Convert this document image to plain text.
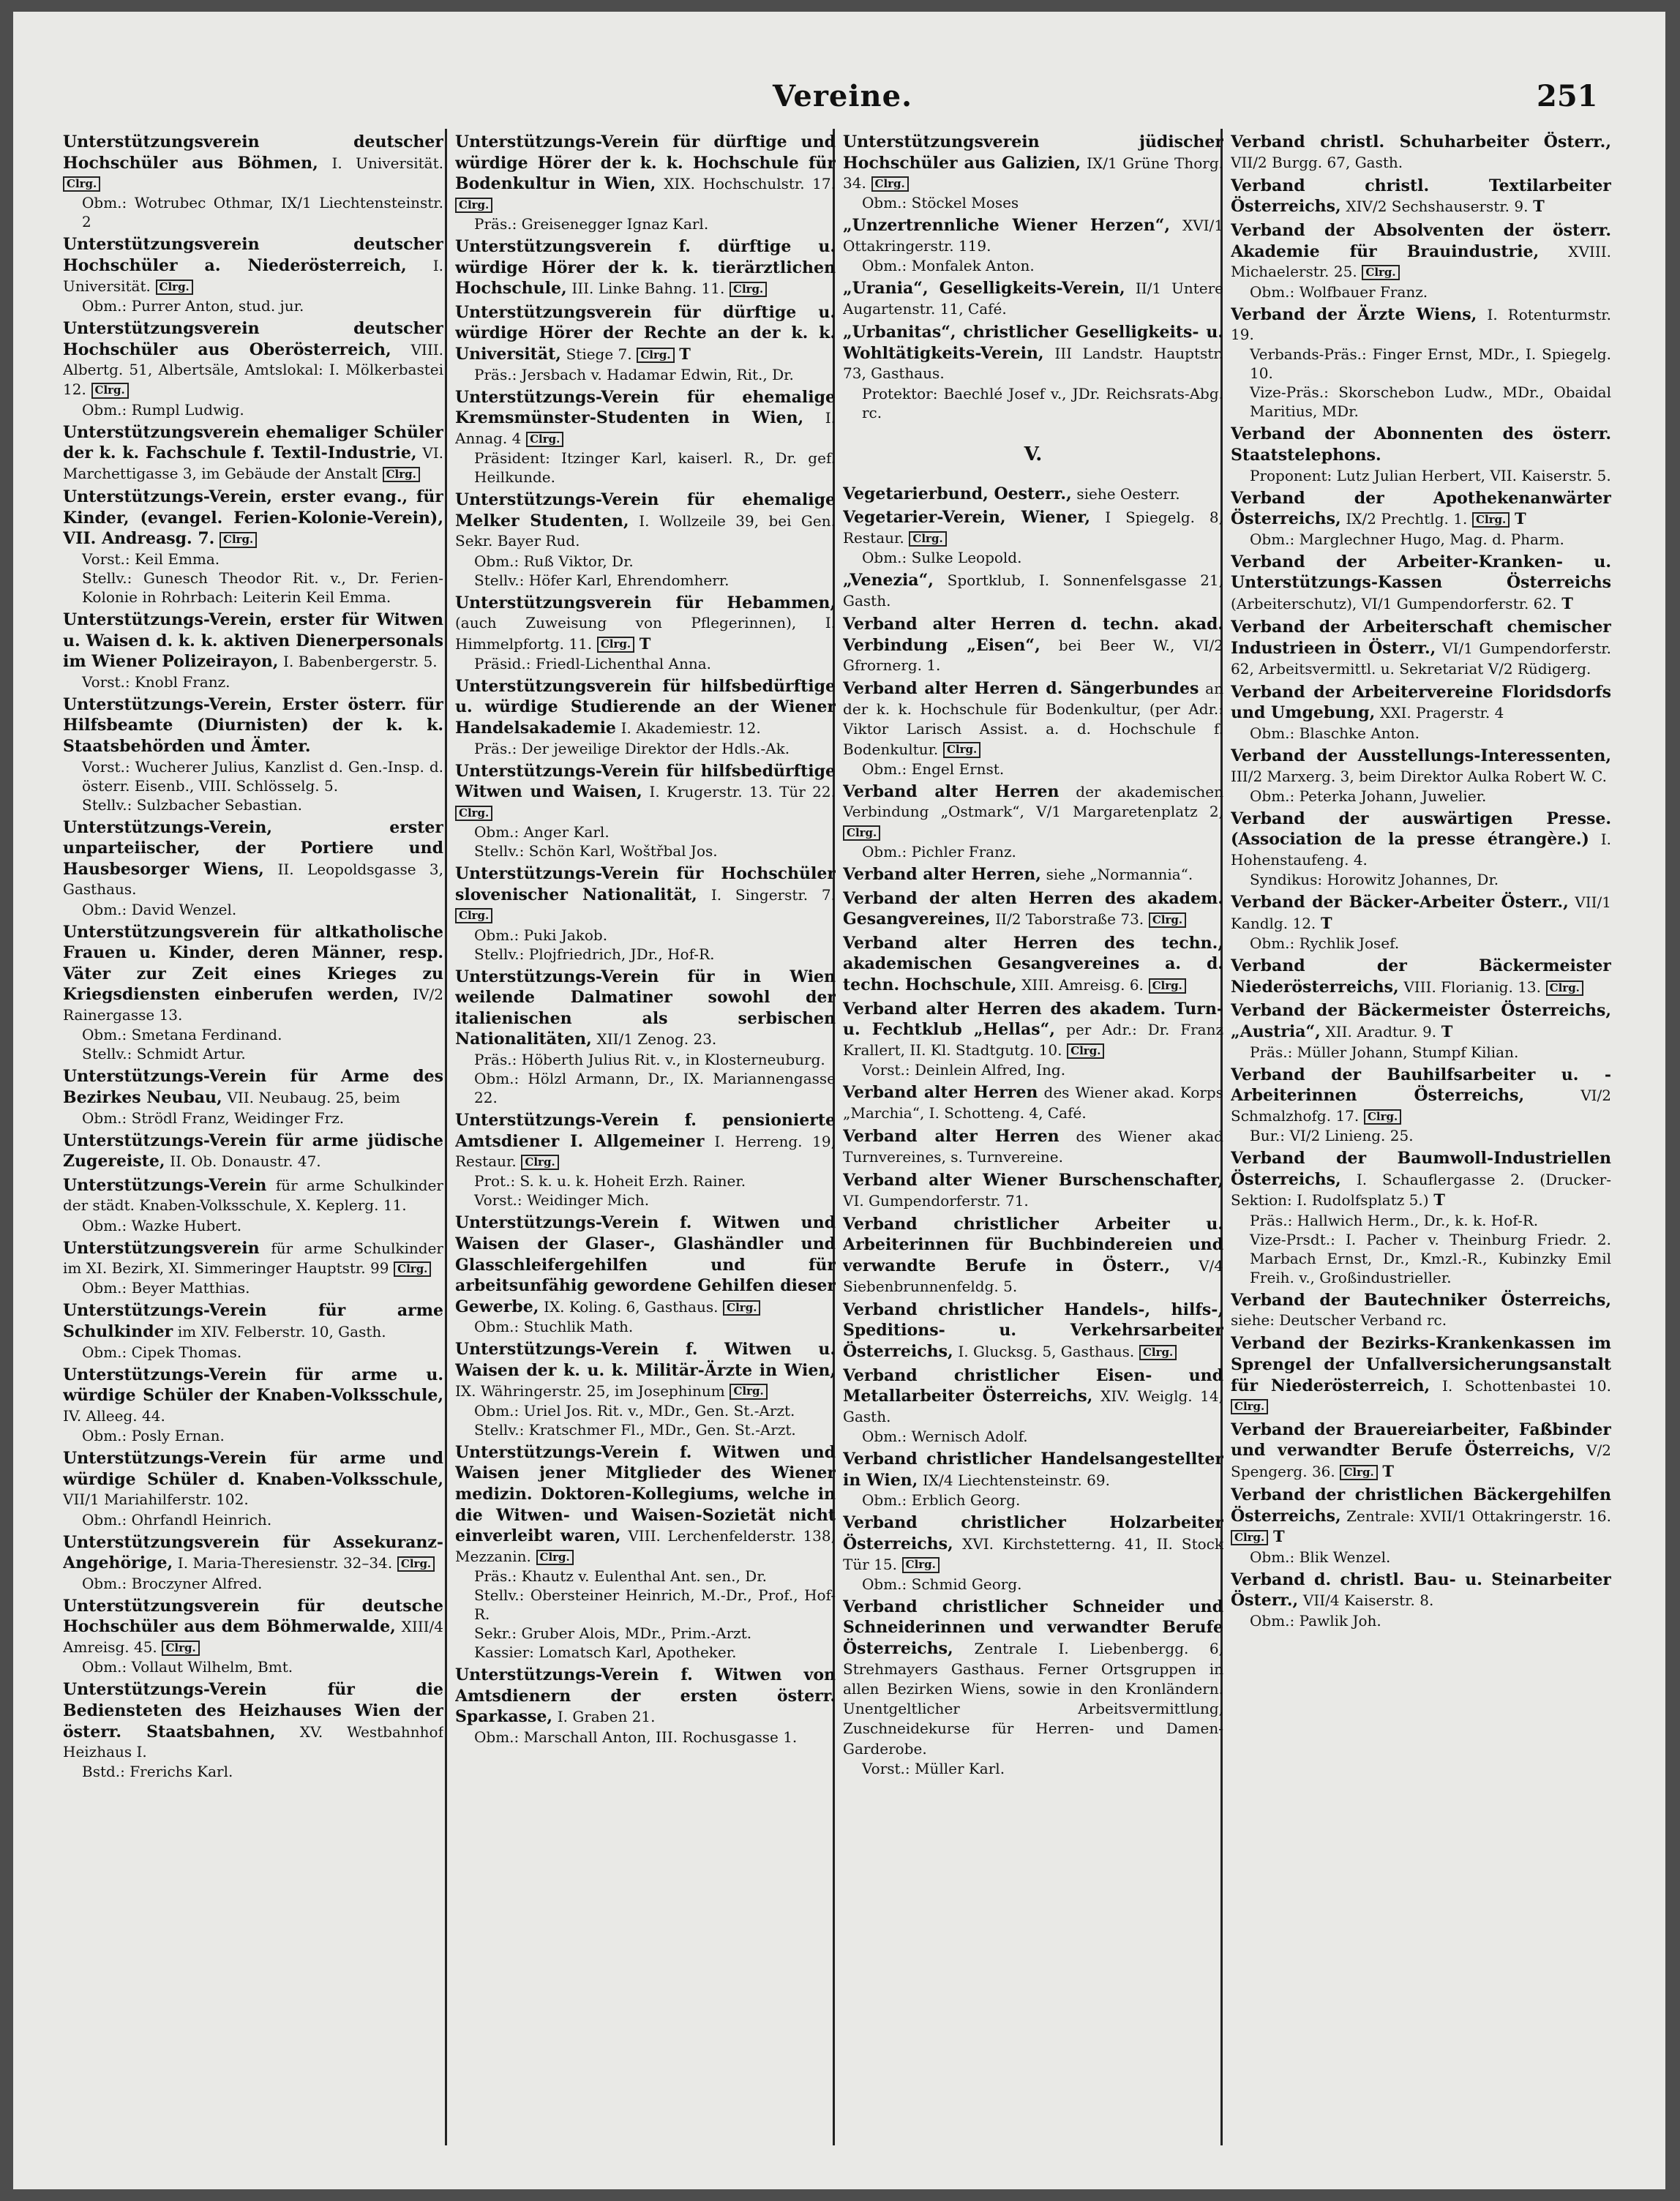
Vereine.	251
Unterstützungsverein deutscher Hochschüler aus Böhmen, I. Universität. Clrg.
Obm.: Wotrubec Othmar, IX/1 Liechtensteinstr. 2
Unterstützungsverein deutscher Hochschüler a. Niederösterreich, I. Universität. Clrg.
Obm.: Purrer Anton, stud. jur.
Unterstützungsverein deutscher Hochschüler aus Oberösterreich, VIII. Albertg. 51, Albertsäle, Amtslokal: I. Mölkerbastei 12. Clrg.
Obm.: Rumpl Ludwig.
Unterstützungsverein ehemaliger Schüler der k. k. Fachschule f. Textil-Industrie, VI. Marchettigasse 3, im Gebäude der Anstalt Clrg.
Unterstützungs-Verein, erster evang., für Kinder, (evangel. Ferien-Kolonie-Verein), VII. Andreasg. 7. Clrg.
Vorst.: Keil Emma.
Stellv.: Gunesch Theodor Rit. v., Dr. Ferien-Kolonie in Rohrbach: Leiterin Keil Emma.
Unterstützungs-Verein, erster für Witwen u. Waisen d. k. k. aktiven Dienerpersonals im Wiener Polizeirayon, I. Babenbergerstr. 5.
Vorst.: Knobl Franz.
Unterstützungs-Verein, Erster österr. für Hilfsbeamte (Diurnisten) der k. k. Staatsbehörden und Ämter.
Vorst.: Wucherer Julius, Kanzlist d. Gen.-Insp. d. österr. Eisenb., VIII. Schlösselg. 5.
Stellv.: Sulzbacher Sebastian.
Unterstützungs-Verein, erster unparteiischer, der Portiere und Hausbesorger Wiens, II. Leopoldsgasse 3, Gasthaus.
Obm.: David Wenzel.
Unterstützungsverein für altkatholische Frauen u. Kinder, deren Männer, resp. Väter zur Zeit eines Krieges zu Kriegsdiensten einberufen werden, IV/2 Rainergasse 13.
Obm.: Smetana Ferdinand.
Stellv.: Schmidt Artur.
Unterstützungs-Verein für Arme des Bezirkes Neubau, VII. Neubaug. 25, beim
Obm.: Strödl Franz, Weidinger Frz.
Unterstützungs-Verein für arme jüdische Zugereiste, II. Ob. Donaustr. 47.
Unterstützungs-Verein für arme Schulkinder der städt. Knaben-Volksschule, X. Keplerg. 11.
Obm.: Wazke Hubert.
Unterstützungsverein für arme Schulkinder im XI. Bezirk, XI. Simmeringer Hauptstr. 99 Clrg.
Obm.: Beyer Matthias.
Unterstützungs-Verein für arme Schulkinder im XIV. Felberstr. 10, Gasth.
Obm.: Cipek Thomas.
Unterstützungs-Verein für arme u. würdige Schüler der Knaben-Volksschule, IV. Alleeg. 44.
Obm.: Posly Ernan.
Unterstützungs-Verein für arme und würdige Schüler d. Knaben-Volksschule, VII/1 Mariahilferstr. 102.
Obm.: Ohrfandl Heinrich.
Unterstützungsverein für Assekuranz-Angehörige, I. Maria-Theresienstr. 32–34. Clrg.
Obm.: Broczyner Alfred.
Unterstützungsverein für deutsche Hochschüler aus dem Böhmerwalde, XIII/4 Amreisg. 45. Clrg.
Obm.: Vollaut Wilhelm, Bmt.
Unterstützungs-Verein für die Bediensteten des Heizhauses Wien der österr. Staatsbahnen, XV. Westbahnhof Heizhaus I.
Bstd.: Frerichs Karl.
Unterstützungs-Verein für dürftige und würdige Hörer der k. k. Hochschule für Bodenkultur in Wien, XIX. Hochschulstr. 17. Clrg.
Präs.: Greisenegger Ignaz Karl.
Unterstützungsverein f. dürftige u. würdige Hörer der k. k. tierärztlichen Hochschule, III. Linke Bahng. 11. Clrg.
Unterstützungsverein für dürftige u. würdige Hörer der Rechte an der k. k. Universität, Stiege 7. Clrg. T
Präs.: Jersbach v. Hadamar Edwin, Rit., Dr.
Unterstützungs-Verein für ehemalige Kremsmünster-Studenten in Wien, I. Annag. 4 Clrg.
Präsident: Itzinger Karl, kaiserl. R., Dr. gef. Heilkunde.
Unterstützungs-Verein für ehemalige Melker Studenten, I. Wollzeile 39, bei Gen. Sekr. Bayer Rud.
Obm.: Ruß Viktor, Dr.
Stellv.: Höfer Karl, Ehrendomherr.
Unterstützungsverein für Hebammen, (auch Zuweisung von Pflegerinnen), I. Himmelpfortg. 11. Clrg. T
Präsid.: Friedl-Lichenthal Anna.
Unterstützungsverein für hilfsbedürftige u. würdige Studierende an der Wiener Handelsakademie I. Akademiestr. 12.
Präs.: Der jeweilige Direktor der Hdls.-Ak.
Unterstützungs-Verein für hilfsbedürftige Witwen und Waisen, I. Krugerstr. 13. Tür 22. Clrg.
Obm.: Anger Karl.
Stellv.: Schön Karl, Woštřbal Jos.
Unterstützungs-Verein für Hochschüler slovenischer Nationalität, I. Singerstr. 7. Clrg.
Obm.: Puki Jakob.
Stellv.: Plojfriedrich, JDr., Hof-R.
Unterstützungs-Verein für in Wien weilende Dalmatiner sowohl der italienischen als serbischen Nationalitäten, XII/1 Zenog. 23.
Präs.: Höberth Julius Rit. v., in Klosterneuburg.
Obm.: Hölzl Armann, Dr., IX. Mariannengasse 22.
Unterstützungs-Verein f. pensionierte Amtsdiener I. Allgemeiner I. Herreng. 19, Restaur. Clrg.
Prot.: S. k. u. k. Hoheit Erzh. Rainer.
Vorst.: Weidinger Mich.
Unterstützungs-Verein f. Witwen und Waisen der Glaser-, Glashändler und Glasschleifergehilfen und für arbeitsunfähig gewordene Gehilfen dieser Gewerbe, IX. Koling. 6, Gasthaus. Clrg.
Obm.: Stuchlik Math.
Unterstützungs-Verein f. Witwen u. Waisen der k. u. k. Militär-Ärzte in Wien, IX. Währingerstr. 25, im Josephinum Clrg.
Obm.: Uriel Jos. Rit. v., MDr., Gen. St.-Arzt.
Stellv.: Kratschmer Fl., MDr., Gen. St.-Arzt.
Unterstützungs-Verein f. Witwen und Waisen jener Mitglieder des Wiener medizin. Doktoren-Kollegiums, welche in die Witwen- und Waisen-Sozietät nicht einverleibt waren, VIII. Lerchenfelderstr. 138, Mezzanin. Clrg.
Präs.: Khautz v. Eulenthal Ant. sen., Dr.
Stellv.: Obersteiner Heinrich, M.-Dr., Prof., Hof-R.
Sekr.: Gruber Alois, MDr., Prim.-Arzt.
Kassier: Lomatsch Karl, Apotheker.
Unterstützungs-Verein f. Witwen von Amtsdienern der ersten österr. Sparkasse, I. Graben 21.
Obm.: Marschall Anton, III. Rochusgasse 1.
Unterstützungsverein jüdischer Hochschüler aus Galizien, IX/1 Grüne Thorg. 34. Clrg.
Obm.: Stöckel Moses
„Unzertrennliche Wiener Herzen“, XVI/1 Ottakringerstr. 119.
Obm.: Monfalek Anton.
„Urania“, Geselligkeits-Verein, II/1 Untere Augartenstr. 11, Café.
„Urbanitas“, christlicher Geselligkeits- u. Wohltätigkeits-Verein, III Landstr. Hauptstr. 73, Gasthaus.
Protektor: Baechlé Josef v., JDr. Reichsrats-Abg. rc.
V.
Vegetarierbund, Oesterr., siehe Oesterr.
Vegetarier-Verein, Wiener, I Spiegelg. 8, Restaur. Clrg.
Obm.: Sulke Leopold.
„Venezia“, Sportklub, I. Sonnenfelsgasse 21, Gasth.
Verband alter Herren d. techn. akad. Verbindung „Eisen“, bei Beer W., VI/2 Gfrornerg. 1.
Verband alter Herren d. Sängerbundes an der k. k. Hochschule für Bodenkultur, (per Adr.: Viktor Larisch Assist. a. d. Hochschule f. Bodenkultur. Clrg.
Obm.: Engel Ernst.
Verband alter Herren der akademischen Verbindung „Ostmark“, V/1 Margaretenplatz 2, Clrg.
Obm.: Pichler Franz.
Verband alter Herren, siehe „Normannia“.
Verband der alten Herren des akadem. Gesangvereines, II/2 Taborstraße 73. Clrg.
Verband alter Herren des techn., akademischen Gesangvereines a. d. techn. Hochschule, XIII. Amreisg. 6. Clrg.
Verband alter Herren des akadem. Turn- u. Fechtklub „Hellas“, per Adr.: Dr. Franz Krallert, II. Kl. Stadtgutg. 10. Clrg.
Vorst.: Deinlein Alfred, Ing.
Verband alter Herren des Wiener akad. Korps „Marchia“, I. Schotteng. 4, Café.
Verband alter Herren des Wiener akad Turnvereines, s. Turnvereine.
Verband alter Wiener Burschenschafter, VI. Gumpendorferstr. 71.
Verband christlicher Arbeiter u. Arbeiterinnen für Buchbindereien und verwandte Berufe in Österr., V/4 Siebenbrunnenfeldg. 5.
Verband christlicher Handels-, hilfs-, Speditions- u. Verkehrsarbeiter Österreichs, I. Glucksg. 5, Gasthaus. Clrg.
Verband christlicher Eisen- und Metallarbeiter Österreichs, XIV. Weiglg. 14, Gasth.
Obm.: Wernisch Adolf.
Verband christlicher Handelsangestellter in Wien, IX/4 Liechtensteinstr. 69.
Obm.: Erblich Georg.
Verband christlicher Holzarbeiter Österreichs, XVI. Kirchstetterng. 41, II. Stock Tür 15. Clrg.
Obm.: Schmid Georg.
Verband christlicher Schneider und Schneiderinnen und verwandter Berufe Österreichs, Zentrale I. Liebenbergg. 6, Strehmayers Gasthaus. Ferner Ortsgruppen in allen Bezirken Wiens, sowie in den Kronländern. Unentgeltlicher Arbeitsvermittlung, Zuschneidekurse für Herren- und Damen-Garderobe.
Vorst.: Müller Karl.
Verband christl. Schuharbeiter Österr., VII/2 Burgg. 67, Gasth.
Verband christl. Textilarbeiter Österreichs, XIV/2 Sechshauserstr. 9. T
Verband der Absolventen der österr. Akademie für Brauindustrie, XVIII. Michaelerstr. 25. Clrg.
Obm.: Wolfbauer Franz.
Verband der Ärzte Wiens, I. Rotenturmstr. 19.
Verbands-Präs.: Finger Ernst, MDr., I. Spiegelg. 10.
Vize-Präs.: Skorschebon Ludw., MDr., Obaidal Maritius, MDr.
Verband der Abonnenten des österr. Staatstelephons.
Proponent: Lutz Julian Herbert, VII. Kaiserstr. 5.
Verband der Apothekenanwärter Österreichs, IX/2 Prechtlg. 1. Clrg. T
Obm.: Marglechner Hugo, Mag. d. Pharm.
Verband der Arbeiter-Kranken- u. Unterstützungs-Kassen Österreichs (Arbeiterschutz), VI/1 Gumpendorferstr. 62. T
Verband der Arbeiterschaft chemischer Industrieen in Österr., VI/1 Gumpendorferstr. 62, Arbeitsvermittl. u. Sekretariat V/2 Rüdigerg.
Verband der Arbeitervereine Floridsdorfs und Umgebung, XXI. Pragerstr. 4
Obm.: Blaschke Anton.
Verband der Ausstellungs-Interessenten, III/2 Marxerg. 3, beim Direktor Aulka Robert W. C.
Obm.: Peterka Johann, Juwelier.
Verband der auswärtigen Presse. (Association de la presse étrangère.) I. Hohenstaufeng. 4.
Syndikus: Horowitz Johannes, Dr.
Verband der Bäcker-Arbeiter Österr., VII/1 Kandlg. 12. T
Obm.: Rychlik Josef.
Verband der Bäckermeister Niederösterreichs, VIII. Florianig. 13. Clrg.
Verband der Bäckermeister Österreichs, „Austria“, XII. Aradtur. 9. T
Präs.: Müller Johann, Stumpf Kilian.
Verband der Bauhilfsarbeiter u. -Arbeiterinnen Österreichs,	VI/2 Schmalzhofg. 17. Clrg.
Bur.: VI/2 Linieng. 25.
Verband der Baumwoll-Industriellen Österreichs, I. Schauflergasse 2. (Drucker-Sektion: I. Rudolfsplatz 5.) T
Präs.: Hallwich Herm., Dr., k. k. Hof-R.
Vize-Prsdt.: I. Pacher v. Theinburg Friedr. 2. Marbach Ernst, Dr., Kmzl.-R., Kubinzky Emil Freih. v., Großindustrieller.
Verband der Bautechniker Österreichs, siehe: Deutscher Verband rc.
Verband der Bezirks-Krankenkassen im Sprengel der Unfallversicherungsanstalt für Niederösterreich, I. Schottenbastei 10. Clrg.
Verband der Brauereiarbeiter, Faßbinder und verwandter Berufe Österreichs, V/2 Spengerg. 36. Clrg. T
Verband der christlichen Bäckergehilfen Österreichs, Zentrale: XVII/1 Ottakringerstr. 16. Clrg. T
Obm.: Blik Wenzel.
Verband d. christl. Bau- u. Steinarbeiter Österr., VII/4 Kaiserstr. 8.
Obm.: Pawlik Joh.
